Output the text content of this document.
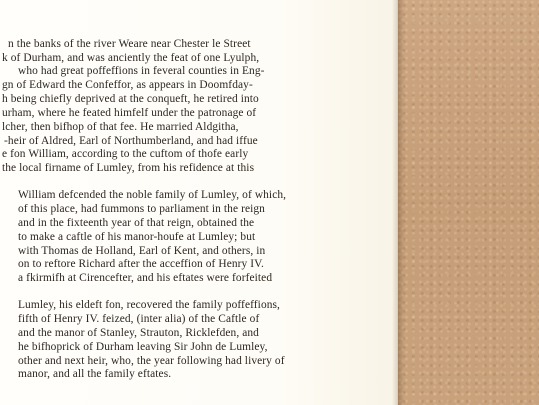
n the banks of the river Weare near Chester le Street
k of Durham, and was anciently the feat of one Lyulph,
who had great poffeffions in feveral counties in Eng-
gn of Edward the Confeffor, as appears in Doomfday-
h being chiefly deprived at the conqueft, he retired into
urham, where he feated himfelf under the patronage of
lcher, then bifhop of that fee. He married Aldgitha,
-heir of Aldred, Earl of Northumberland, and had iffue
e fon William, according to the cuftom of thofe early
the local firname of Lumley, from his refidence at this
William defcended the noble family of Lumley, of which,
of this place, had fummons to parliament in the reign
and in the fixteenth year of that reign, obtained the
to make a caftle of his manor-houfe at Lumley; but
with Thomas de Holland, Earl of Kent, and others, in
on to reftore Richard after the acceffion of Henry IV.
a fkirmifh at Cirencefter, and his eftates were forfeited
Lumley, his eldeft fon, recovered the family poffeffions,
fifth of Henry IV. feized, (inter alia) of the Caftle of
and the manor of Stanley, Strauton, Ricklefden, and
he bifhoprick of Durham leaving Sir John de Lumley,
other and next heir, who, the year following had livery of
manor, and all the family eftates.
